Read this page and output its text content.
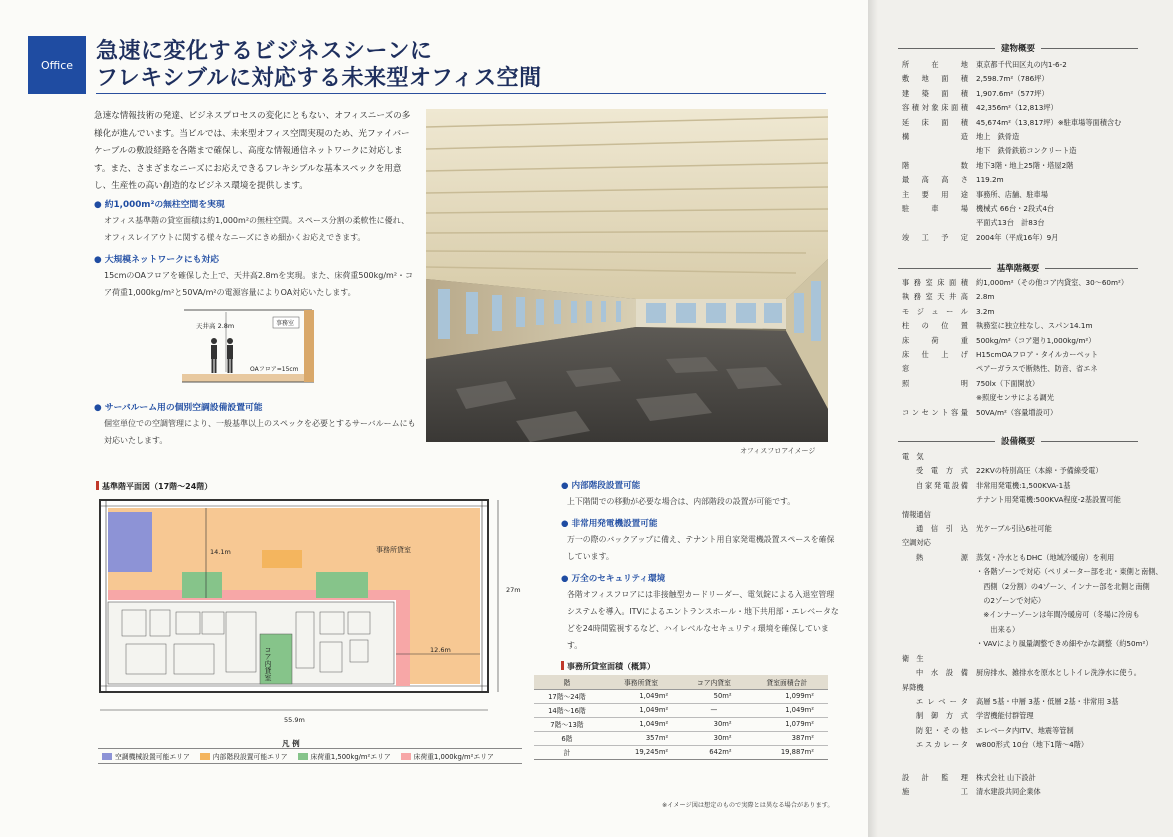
Office
急速に変化するビジネスシーンに
フレキシブルに対応する未来型オフィス空間
急速な情報技術の発達、ビジネスプロセスの変化にともない、オフィスニーズの多様化が進んでいます。当ビルでは、未来型オフィス空間実現のため、光ファイバーケーブルの敷設経路を各階まで確保し、高度な情報通信ネットワークに対応します。また、さまざまなニーズにお応えできるフレキシブルな基本スペックを用意し、生産性の高い創造的なビジネス環境を提供します。
● 約1,000m²の無柱空間を実現
オフィス基準階の貸室面積は約1,000m²の無柱空間。スペース分割の柔軟性に優れ、オフィスレイアウトに関する様々なニーズにきめ細かくお応えできます。
● 大規模ネットワークにも対応
15cmのOAフロアを確保した上で、天井高2.8mを実現。また、床荷重500kg/m²・コア荷重1,000kg/m²と50VA/m²の電源容量によりOA対応いたします。
天井高 2.8m	事務室
OAフロア=15cm
● サーバルーム用の個別空調設備設置可能
個室単位での空調管理により、一般基準以上のスペックを必要とするサーバルームにも対応いたします。
オフィスフロアイメージ
基準階平面図（17階〜24階）
コア内貸室
事務所貸室
14.1m
12.6m
27m
55.9m
凡 例
空調機械設置可能エリア	内部階段設置可能エリア	床荷重1,500kg/m²エリア	床荷重1,000kg/m²エリア
● 内部階段設置可能
上下階間での移動が必要な場合は、内部階段の設置が可能です。
● 非常用発電機設置可能
万一の際のバックアップに備え、テナント用自家発電機設置スペースを確保しています。
● 万全のセキュリティ環境
各階オフィスフロアには非接触型カードリーダー、電気錠による入退室管理システムを導入。ITVによるエントランスホール・地下共用部・エレベータなどを24時間監視するなど、ハイレベルなセキュリティ環境を確保しています。
事務所貸室面積（概算）
階	事務所貸室	コア内貸室	貸室面積合計
17階〜24階	1,049m²	50m²	1,099m²
14階〜16階	1,049m²	—	1,049m²
7階〜13階	1,049m²	30m²	1,079m²
6階	357m²	30m²	387m²
計	19,245m²	642m²	19,887m²
※イメージ図は想定のもので実際とは異なる場合があります。
建物概要
所在地 東京都千代田区丸の内1-6-2
敷地面積 2,598.7m²（786坪）
建築面積 1,907.6m²（577坪）
容積対象床面積 42,356m²（12,813坪）
延床面積 45,674m²（13,817坪）※駐車場等面積含む
構造 地上　鉄骨造
地下　鉄骨鉄筋コンクリート造
階数 地下3階・地上25階・塔屋2階
最高高さ 119.2m
主要用途 事務所、店舗、駐車場
駐車場 機械式 66台・2段式4台
平面式13台　計83台
竣工予定 2004年（平成16年）9月
基準階概要
事務室床面積 約1,000m²（その他コア内貸室、30〜60m²）
執務室天井高 2.8m
モジュール 3.2m
柱の位置 執務室に独立柱なし、スパン14.1m
床荷重 500kg/m²（コア廻り1,000kg/m²）
床仕上げ H15cmOAフロア・タイルカーペット
窓	ペアーガラスで断熱性、防音、省エネ
照明 750lx（下面開放）
※照度センサによる調光
コンセント容量 50VA/m²（容量増設可）
設備概要
電　気
受電方式 22KVの特別高圧（本線・予備線受電）
自家発電設備 非常用発電機:1,500KVA-1基
テナント用発電機:500KVA程度-2基設置可能
情報通信
通信引込 光ケーブル引込6社可能
空調対応
熱源 蒸気・冷水ともDHC（地域冷暖房）を利用
・各階ゾーンで対応（ペリメーター部を北・東側と南側、
　西側（2分割）の4ゾーン、インナー部を北側と南側
　の2ゾーンで対応）
　※インナーゾーンは年間冷暖房可（冬場に冷房も
　　出来る）
・VAVにより風量調整できめ細やかな調整（約50m²）
衛　生
中水設備 厨房排水、雑排水を原水としトイレ洗浄水に使う。
昇降機
エレベータ 高層 5基・中層 3基・低層 2基・非常用 3基
制御方式 学習機能付群管理
防犯・その他 エレベータ内ITV、地震等管制
エスカレータ w800形式 10台（地下1階〜4階）
設計監理 株式会社 山下設計
施　　工 清水建設共同企業体
